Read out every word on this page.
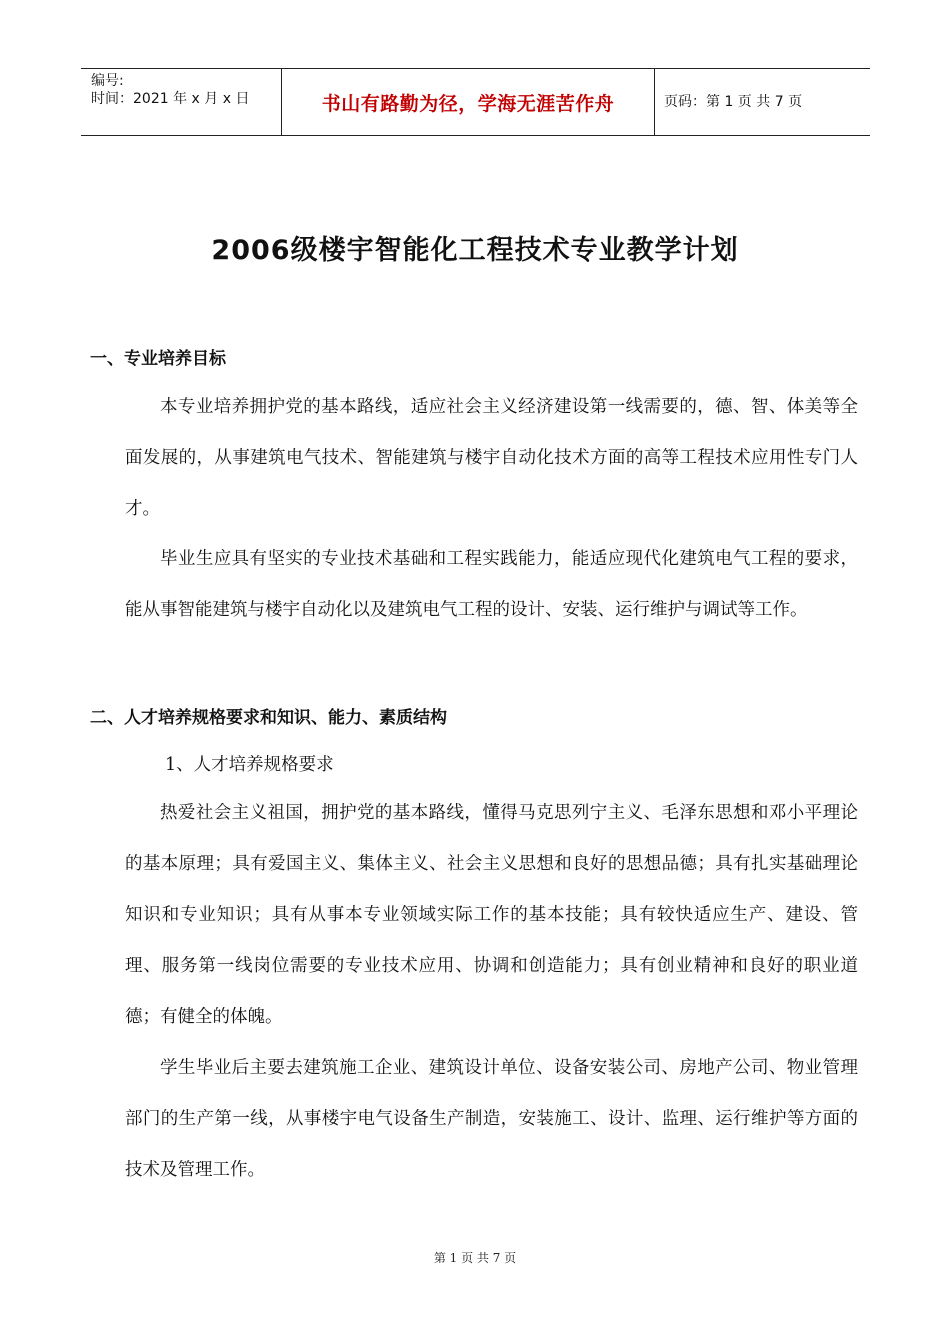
编号:
时间：2021 年 x 月 x 日	书山有路勤为径，学海无涯苦作舟	页码：第 1 页 共 7 页
2006级楼宇智能化工程技术专业教学计划
一、专业培养目标

本专业培养拥护党的基本路线，适应社会主义经济建设第一线需要的，德、智、体美等全面发展的，从事建筑电气技术、智能建筑与楼宇自动化技术方面的高等工程技术应用性专门人才。

毕业生应具有坚实的专业技术基础和工程实践能力，能适应现代化建筑电气工程的要求，能从事智能建筑与楼宇自动化以及建筑电气工程的设计、安装、运行维护与调试等工作。

二、人才培养规格要求和知识、能力、素质结构
1、人才培养规格要求

热爱社会主义祖国，拥护党的基本路线，懂得马克思列宁主义、毛泽东思想和邓小平理论的基本原理；具有爱国主义、集体主义、社会主义思想和良好的思想品德；具有扎实基础理论知识和专业知识；具有从事本专业领域实际工作的基本技能；具有较快适应生产、建设、管理、服务第一线岗位需要的专业技术应用、协调和创造能力；具有创业精神和良好的职业道德；有健全的体魄。

学生毕业后主要去建筑施工企业、建筑设计单位、设备安装公司、房地产公司、物业管理部门的生产第一线，从事楼宇电气设备生产制造，安装施工、设计、监理、运行维护等方面的技术及管理工作。

第 1 页 共 7 页
